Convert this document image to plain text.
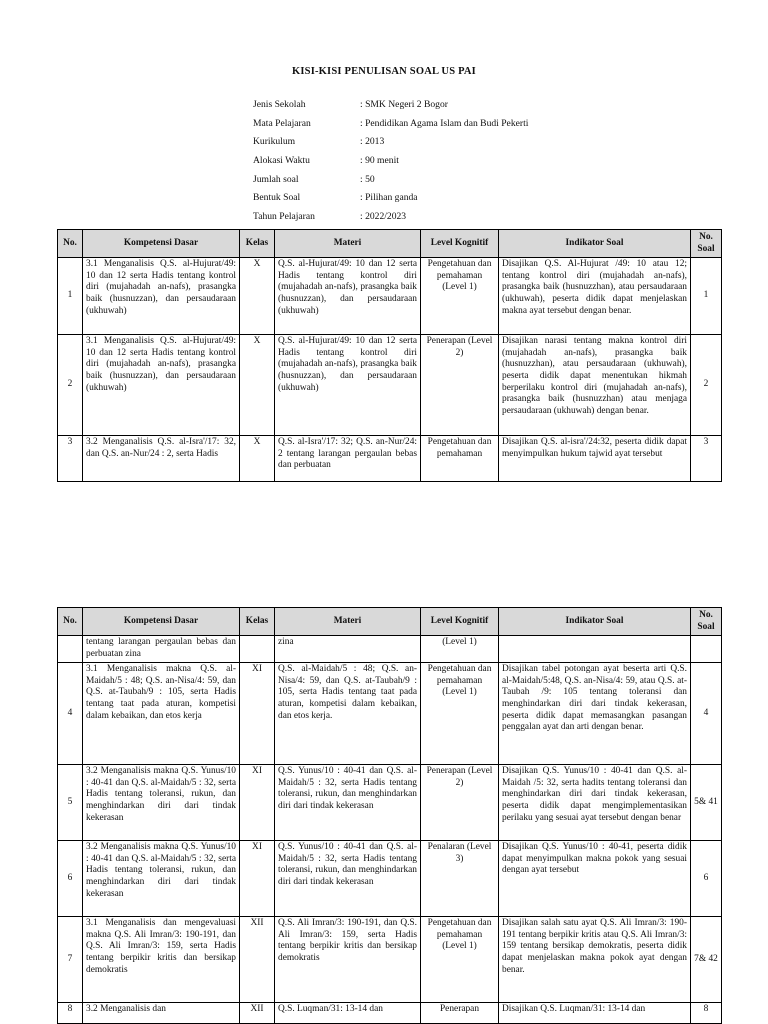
KISI-KISI PENULISAN SOAL US PAI
Jenis Sekolah	: SMK Negeri 2 Bogor
Mata Pelajaran	: Pendidikan Agama Islam dan Budi Pekerti
Kurikulum	: 2013
Alokasi Waktu	: 90 menit
Jumlah soal	: 50
Bentuk Soal	: Pilihan ganda
Tahun Pelajaran	: 2022/2023
No.	Kompetensi Dasar	Kelas	Materi	Level Kognitif	Indikator Soal	No. Soal
1	3.1 Menganalisis Q.S. al-Hujurat/49: 10 dan 12 serta Hadis tentang kontrol diri (mujahadah an-nafs), prasangka baik (husnuzzan), dan persaudaraan (ukhuwah)	X	Q.S. al-Hujurat/49: 10 dan 12 serta Hadis tentang kontrol diri (mujahadah an-nafs), prasangka baik (husnuzzan), dan persaudaraan (ukhuwah)	Pengetahuan dan pemahaman (Level 1)	Disajikan Q.S. Al-Hujurat /49: 10 atau 12; tentang kontrol diri (mujahadah an-nafs), prasangka baik (husnuzzhan), atau persaudaraan (ukhuwah), peserta didik dapat menjelaskan makna ayat tersebut dengan benar.	1
2	3.1 Menganalisis Q.S. al-Hujurat/49: 10 dan 12 serta Hadis tentang kontrol diri (mujahadah an-nafs), prasangka baik (husnuzzan), dan persaudaraan (ukhuwah)	X	Q.S. al-Hujurat/49: 10 dan 12 serta Hadis tentang kontrol diri (mujahadah an-nafs), prasangka baik (husnuzzan), dan persaudaraan (ukhuwah)	Penerapan (Level 2)	Disajikan narasi tentang makna kontrol diri (mujahadah an-nafs), prasangka baik (husnuzzhan), atau persaudaraan (ukhuwah), peserta didik dapat menentukan hikmah berperilaku kontrol diri (mujahadah an-nafs), prasangka baik (husnuzzhan) atau menjaga persaudaraan (ukhuwah) dengan benar.	2
3	3.2 Menganalisis Q.S. al-Isra'/17: 32, dan Q.S. an-Nur/24 : 2, serta Hadis	X	Q.S. al-Isra'/17: 32; Q.S. an-Nur/24: 2 tentang larangan pergaulan bebas dan perbuatan	Pengetahuan dan pemahaman	Disajikan Q.S. al-isra'/24:32, peserta didik dapat menyimpulkan hukum tajwid ayat tersebut	3
No.	Kompetensi Dasar	Kelas	Materi	Level Kognitif	Indikator Soal	No. Soal
	tentang larangan pergaulan bebas dan perbuatan zina		zina	(Level 1)		
4	3.1 Menganalisis makna Q.S. al-Maidah/5 : 48; Q.S. an-Nisa/4: 59, dan Q.S. at-Taubah/9 : 105, serta Hadis tentang taat pada aturan, kompetisi dalam kebaikan, dan etos kerja	XI	Q.S. al-Maidah/5 : 48; Q.S. an-Nisa/4: 59, dan Q.S. at-Taubah/9 : 105, serta Hadis tentang taat pada aturan, kompetisi dalam kebaikan, dan etos kerja.	Pengetahuan dan pemahaman (Level 1)	Disajikan tabel potongan ayat beserta arti Q.S. al-Maidah/5:48, Q.S. an-Nisa/4: 59, atau Q.S. at-Taubah /9: 105 tentang toleransi dan menghindarkan diri dari tindak kekerasan, peserta didik dapat memasangkan pasangan penggalan ayat dan arti dengan benar.	4
5	3.2 Menganalisis makna Q.S. Yunus/10 : 40-41 dan Q.S. al-Maidah/5 : 32, serta Hadis tentang toleransi, rukun, dan menghindarkan diri dari tindak kekerasan	XI	Q.S. Yunus/10 : 40-41 dan Q.S. al-Maidah/5 : 32, serta Hadis tentang toleransi, rukun, dan menghindarkan diri dari tindak kekerasan	Penerapan (Level 2)	Disajikan Q.S. Yunus/10 : 40-41 dan Q.S. al-Maidah /5: 32, serta hadits tentang toleransi dan menghindarkan diri dari tindak kekerasan, peserta didik dapat mengimplementasikan perilaku yang sesuai ayat tersebut dengan benar	5& 41
6	3.2 Menganalisis makna Q.S. Yunus/10 : 40-41 dan Q.S. al-Maidah/5 : 32, serta Hadis tentang toleransi, rukun, dan menghindarkan diri dari tindak kekerasan	XI	Q.S. Yunus/10 : 40-41 dan Q.S. al-Maidah/5 : 32, serta Hadis tentang toleransi, rukun, dan menghindarkan diri dari tindak kekerasan	Penalaran (Level 3)	Disajikan Q.S. Yunus/10 : 40-41, peserta didik dapat menyimpulkan makna pokok yang sesuai dengan ayat tersebut	6
7	3.1 Menganalisis dan mengevaluasi makna Q.S. Ali Imran/3: 190-191, dan Q.S. Ali Imran/3: 159, serta Hadis tentang berpikir kritis dan bersikap demokratis	XII	Q.S. Ali Imran/3: 190-191, dan Q.S. Ali Imran/3: 159, serta Hadis tentang berpikir kritis dan bersikap demokratis	Pengetahuan dan pemahaman (Level 1)	Disajikan salah satu ayat Q.S. Ali Imran/3: 190-191 tentang berpikir kritis atau Q.S. Ali Imran/3: 159 tentang bersikap demokratis, peserta didik dapat menjelaskan makna pokok ayat dengan benar.	7& 42
8	3.2 Menganalisis dan	XII	Q.S. Luqman/31: 13-14 dan	Penerapan	Disajikan Q.S. Luqman/31: 13-14 dan	8
